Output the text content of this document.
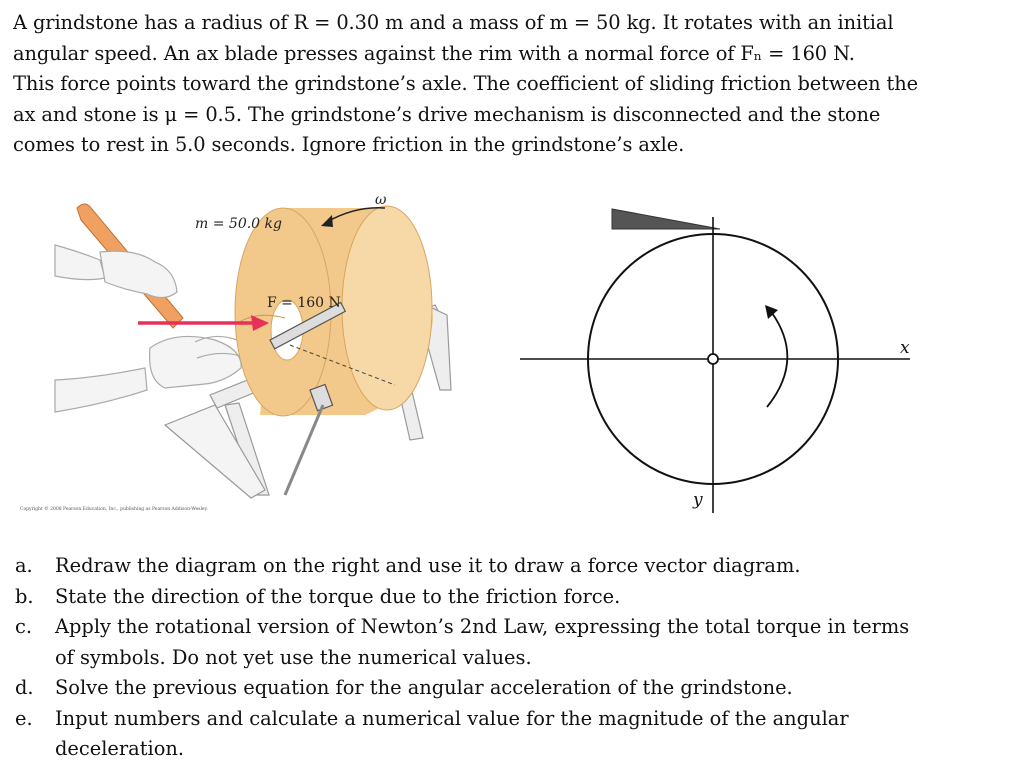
A grindstone has a radius of R = 0.30 m and a mass of m = 50 kg. It rotates with an initial
angular speed. An ax blade presses against the rim with a normal force of Fₙ = 160 N.
This force points toward the grindstone’s axle. The coefficient of sliding friction between the
ax and stone is μ = 0.5. The grindstone’s drive mechanism is disconnected and the stone
comes to rest in 5.0 seconds. Ignore friction in the grindstone’s axle.

m = 50.0 kg
F = 160 N
ω
Copyright © 2008 Pearson Education, Inc., publishing as Pearson Addison-Wesley.
x
y
a.	Redraw the diagram on the right and use it to draw a force vector diagram.
b.	State the direction of the torque due to the friction force.
c.	Apply the rotational version of Newton’s 2nd Law, expressing the total torque in terms
of symbols. Do not yet use the numerical values.
d.	Solve the previous equation for the angular acceleration of the grindstone.
e.	Input numbers and calculate a numerical value for the magnitude of the angular
deceleration.
